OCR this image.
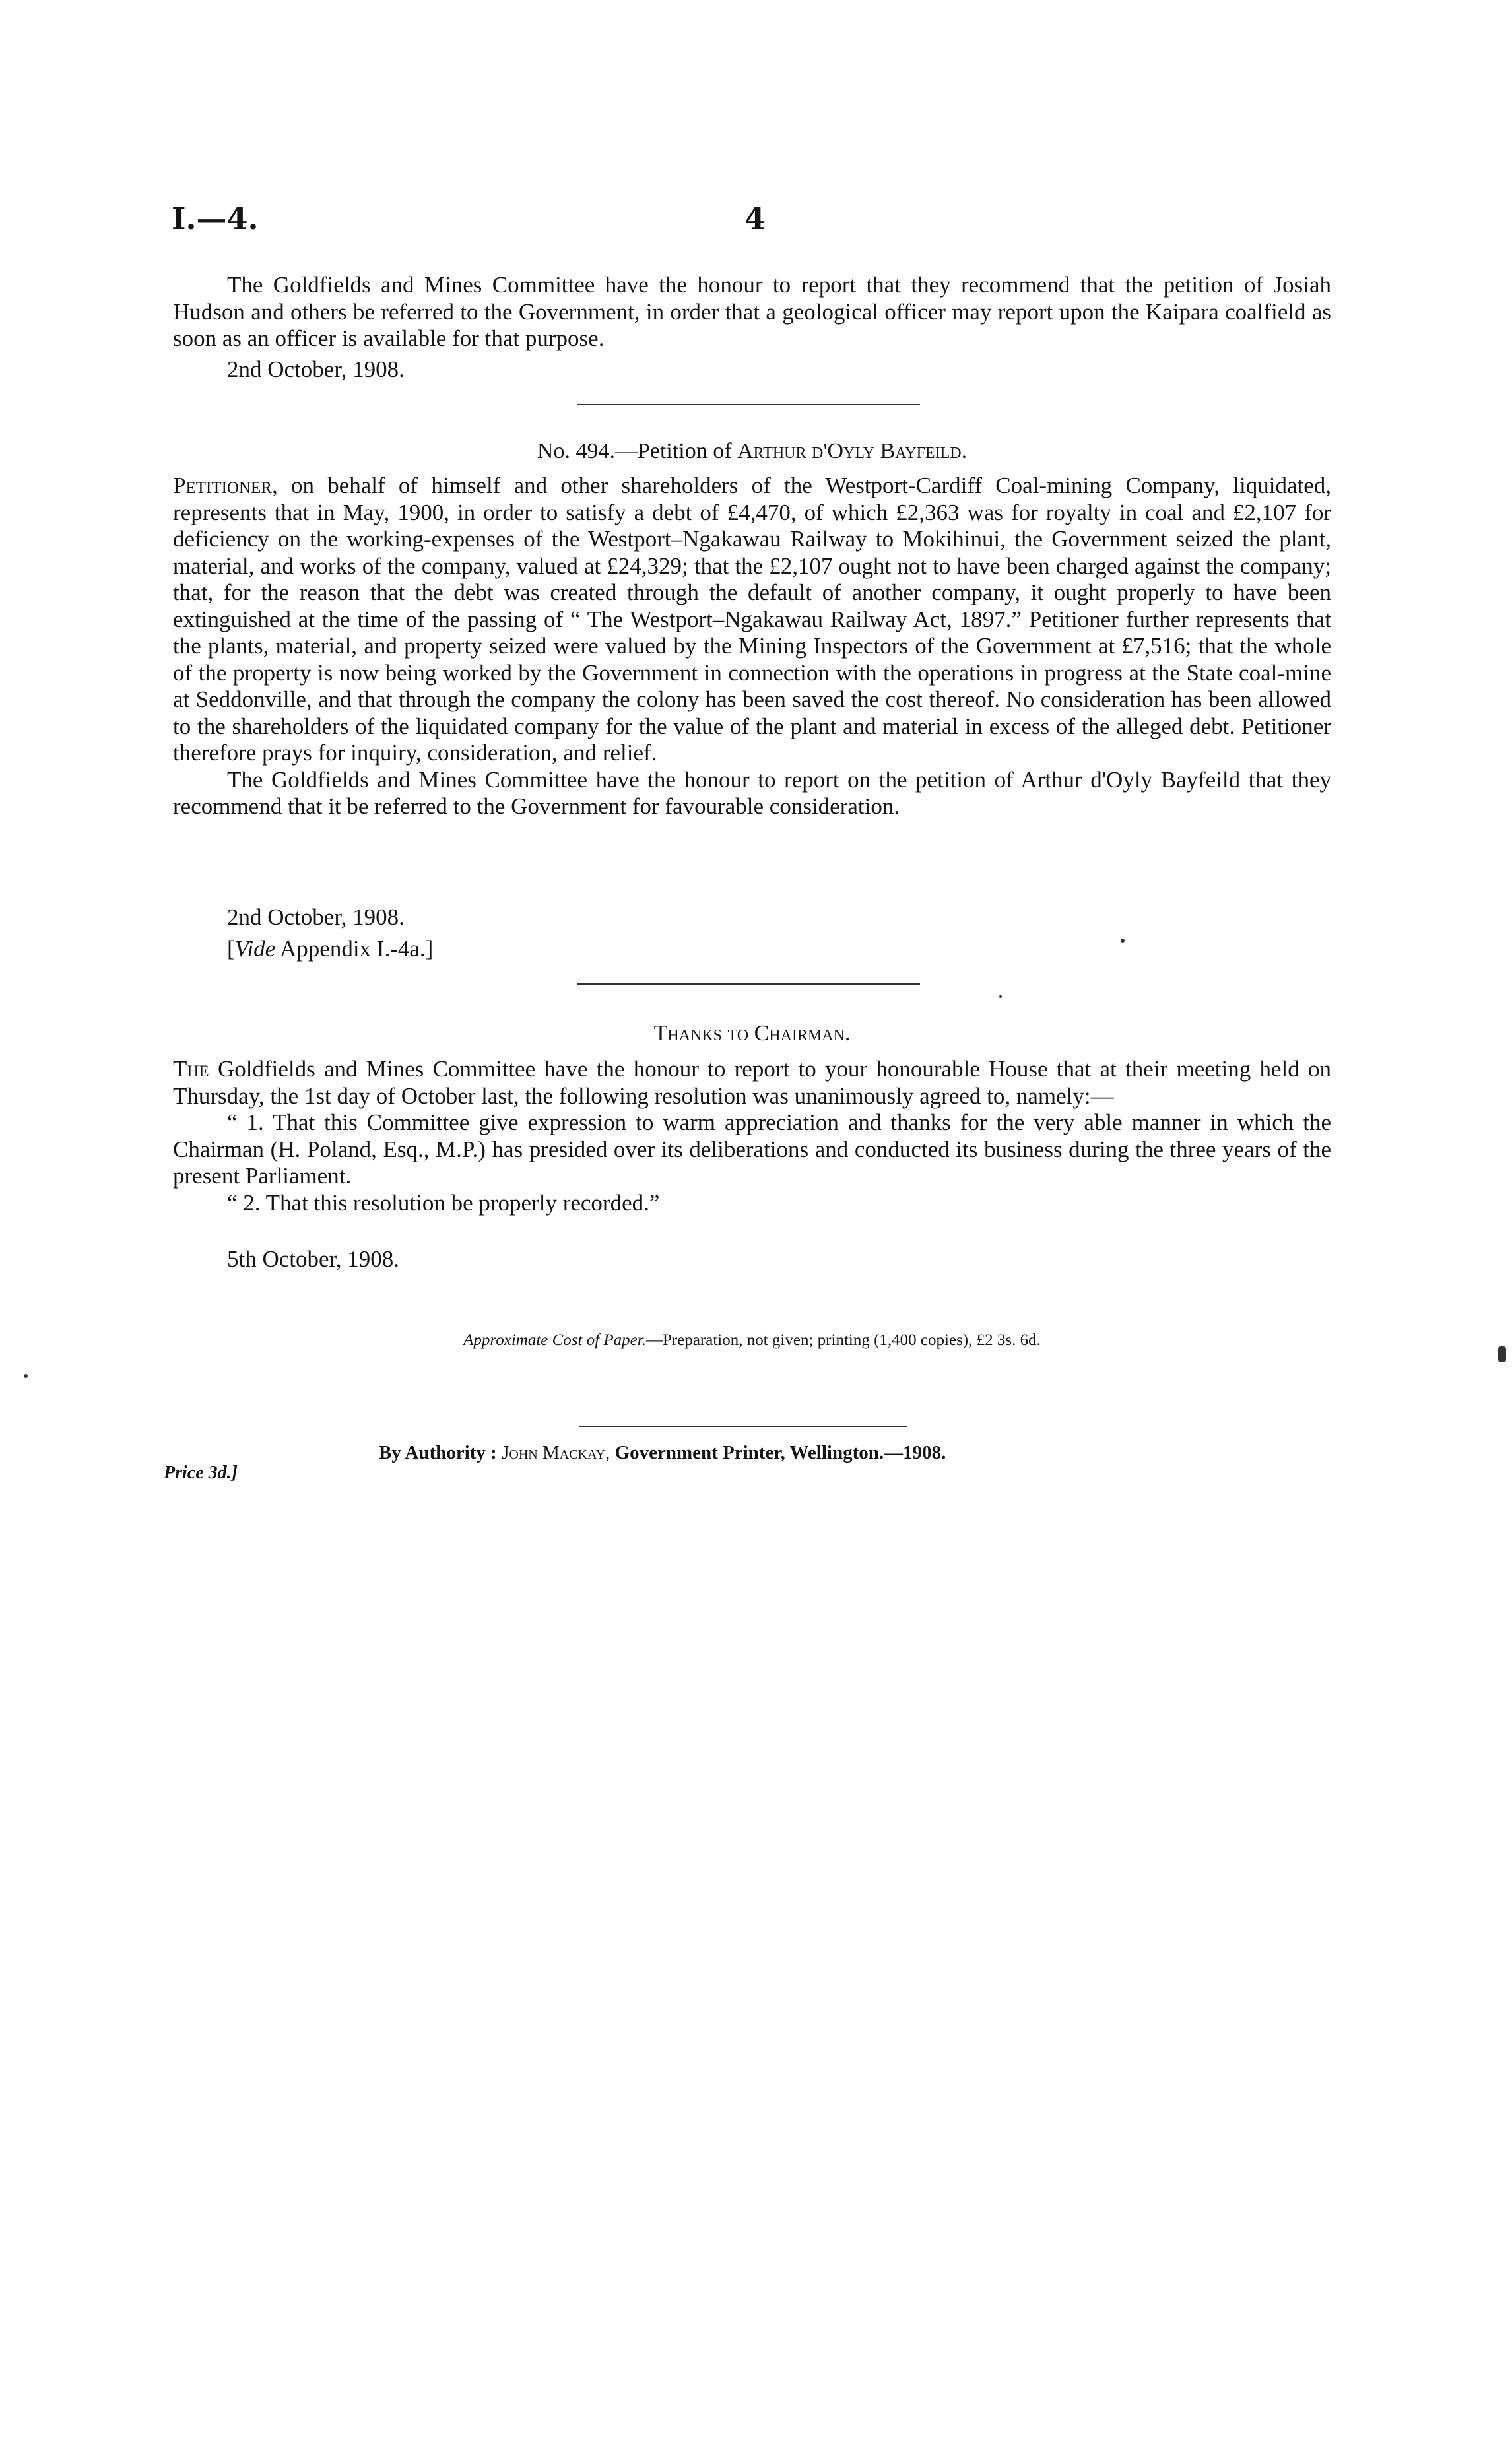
I.—4.	4

The Goldfields and Mines Committee have the honour to report that they recommend that the petition of Josiah Hudson and others be referred to the Government, in order that a geological officer may report upon the Kaipara coalfield as soon as an officer is available for that purpose.

2nd October, 1908.
No. 494.—Petition of Arthur d'Oyly Bayfeild.

Petitioner, on behalf of himself and other shareholders of the Westport-Cardiff Coal-mining Company, liquidated, represents that in May, 1900, in order to satisfy a debt of £4,470, of which £2,363 was for royalty in coal and £2,107 for deficiency on the working-expenses of the Westport–Ngakawau Railway to Mokihinui, the Government seized the plant, material, and works of the company, valued at £24,329; that the £2,107 ought not to have been charged against the company; that, for the reason that the debt was created through the default of another company, it ought properly to have been extinguished at the time of the passing of “ The Westport–Ngakawau Railway Act, 1897.” Petitioner further represents that the plants, material, and property seized were valued by the Mining Inspectors of the Government at £7,516; that the whole of the property is now being worked by the Government in connection with the operations in progress at the State coal-mine at Seddonville, and that through the company the colony has been saved the cost thereof. No consideration has been allowed to the shareholders of the liquidated company for the value of the plant and material in excess of the alleged debt. Petitioner therefore prays for inquiry, consideration, and relief.

The Goldfields and Mines Committee have the honour to report on the petition of Arthur d'Oyly Bayfeild that they recommend that it be referred to the Government for favourable consideration.

2nd October, 1908.
[Vide Appendix I.-4a.]
Thanks to Chairman.

The Goldfields and Mines Committee have the honour to report to your honourable House that at their meeting held on Thursday, the 1st day of October last, the following resolution was unanimously agreed to, namely:—

“ 1. That this Committee give expression to warm appreciation and thanks for the very able manner in which the Chairman (H. Poland, Esq., M.P.) has presided over its deliberations and conducted its business during the three years of the present Parliament.

“ 2. That this resolution be properly recorded.”

5th October, 1908.
Approximate Cost of Paper.—Preparation, not given; printing (1,400 copies), £2 3s. 6d.
By Authority : John Mackay, Government Printer, Wellington.—1908.
Price 3d.]
